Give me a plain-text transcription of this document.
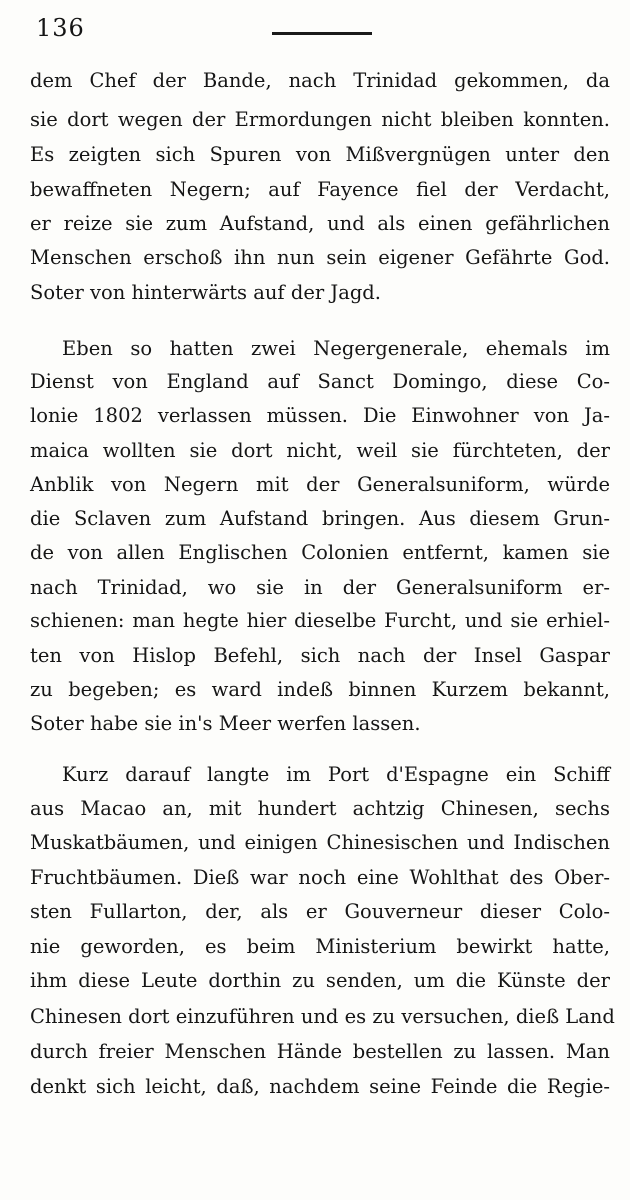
136
dem Chef der Bande, nach Trinidad gekommen, da
sie dort wegen der Ermordungen nicht bleiben konnten.
Es zeigten sich Spuren von Mißvergnügen unter den
bewaffneten Negern; auf Fayence fiel der Verdacht,
er reize sie zum Aufstand, und als einen gefährlichen
Menschen erschoß ihn nun sein eigener Gefährte God.
Soter von hinterwärts auf der Jagd.
Eben so hatten zwei Negergenerale, ehemals im
Dienst von England auf Sanct Domingo, diese Co-
lonie 1802 verlassen müssen. Die Einwohner von Ja-
maica wollten sie dort nicht, weil sie fürchteten, der
Anblik von Negern mit der Generalsuniform, würde
die Sclaven zum Aufstand bringen. Aus diesem Grun-
de von allen Englischen Colonien entfernt, kamen sie
nach Trinidad, wo sie in der Generalsuniform er-
schienen: man hegte hier dieselbe Furcht, und sie erhiel-
ten von Hislop Befehl, sich nach der Insel Gaspar
zu begeben; es ward indeß binnen Kurzem bekannt,
Soter habe sie in's Meer werfen lassen.
Kurz darauf langte im Port d'Espagne ein Schiff
aus Macao an, mit hundert achtzig Chinesen, sechs
Muskatbäumen, und einigen Chinesischen und Indischen
Fruchtbäumen. Dieß war noch eine Wohlthat des Ober-
sten Fullarton, der, als er Gouverneur dieser Colo-
nie geworden, es beim Ministerium bewirkt hatte,
ihm diese Leute dorthin zu senden, um die Künste der
Chinesen dort einzuführen und es zu versuchen, dieß Land
durch freier Menschen Hände bestellen zu lassen. Man
denkt sich leicht, daß, nachdem seine Feinde die Regie-
